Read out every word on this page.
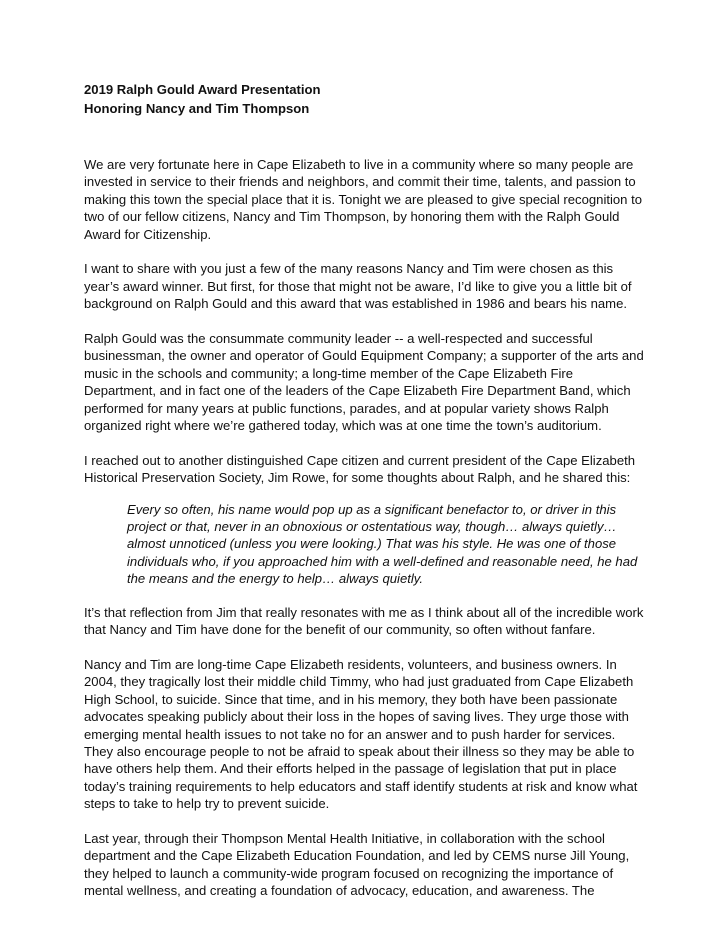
2019 Ralph Gould Award Presentation
Honoring Nancy and Tim Thompson

We are very fortunate here in Cape Elizabeth to live in a community where so many people are invested in service to their friends and neighbors, and commit their time, talents, and passion to making this town the special place that it is. Tonight we are pleased to give special recognition to two of our fellow citizens, Nancy and Tim Thompson, by honoring them with the Ralph Gould Award for Citizenship.

I want to share with you just a few of the many reasons Nancy and Tim were chosen as this year’s award winner. But first, for those that might not be aware, I’d like to give you a little bit of background on Ralph Gould and this award that was established in 1986 and bears his name.

Ralph Gould was the consummate community leader -- a well-respected and successful businessman, the owner and operator of Gould Equipment Company; a supporter of the arts and music in the schools and community; a long-time member of the Cape Elizabeth Fire Department, and in fact one of the leaders of the Cape Elizabeth Fire Department Band, which performed for many years at public functions, parades, and at popular variety shows Ralph organized right where we’re gathered today, which was at one time the town’s auditorium.

I reached out to another distinguished Cape citizen and current president of the Cape Elizabeth Historical Preservation Society, Jim Rowe, for some thoughts about Ralph, and he shared this:

Every so often, his name would pop up as a significant benefactor to, or driver in this project or that, never in an obnoxious or ostentatious way, though… always quietly… almost unnoticed (unless you were looking.) That was his style. He was one of those individuals who, if you approached him with a well-defined and reasonable need, he had the means and the energy to help… always quietly.

It’s that reflection from Jim that really resonates with me as I think about all of the incredible work that Nancy and Tim have done for the benefit of our community, so often without fanfare.

Nancy and Tim are long-time Cape Elizabeth residents, volunteers, and business owners. In 2004, they tragically lost their middle child Timmy, who had just graduated from Cape Elizabeth High School, to suicide. Since that time, and in his memory, they both have been passionate advocates speaking publicly about their loss in the hopes of saving lives. They urge those with emerging mental health issues to not take no for an answer and to push harder for services. They also encourage people to not be afraid to speak about their illness so they may be able to have others help them. And their efforts helped in the passage of legislation that put in place today’s training requirements to help educators and staff identify students at risk and know what steps to take to help try to prevent suicide.

Last year, through their Thompson Mental Health Initiative, in collaboration with the school department and the Cape Elizabeth Education Foundation, and led by CEMS nurse Jill Young, they helped to launch a community-wide program focused on recognizing the importance of mental wellness, and creating a foundation of advocacy, education, and awareness. The
